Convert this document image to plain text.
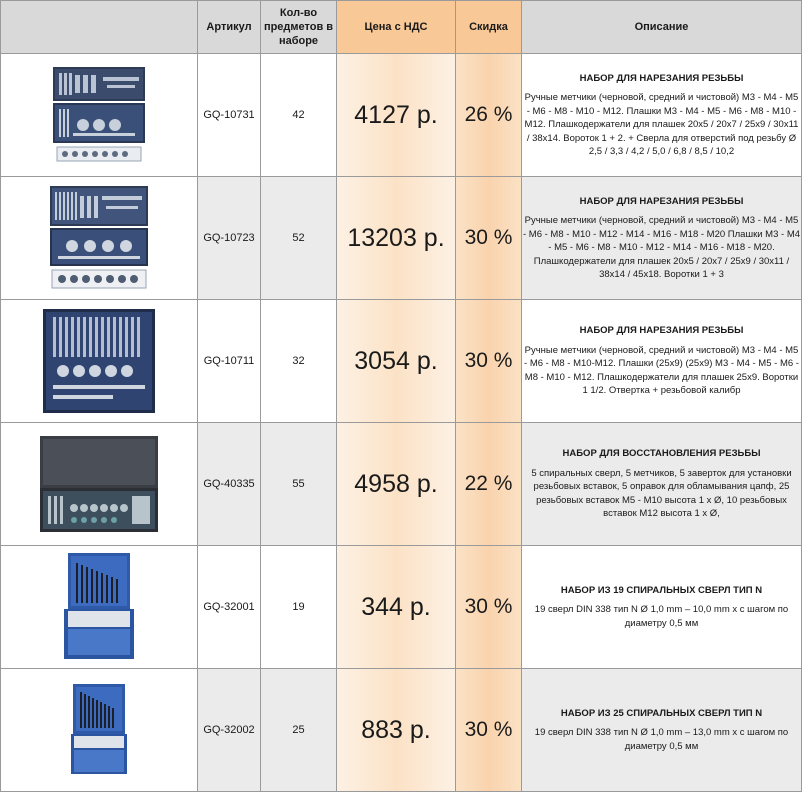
	Артикул	Кол-во предметов в наборе	Цена с НДС	Скидка	Описание

	GQ-10731	42	4127 р.	26 %	НАБОР ДЛЯ НАРЕЗАНИЯ РЕЗЬБЫ
Ручные метчики (черновой, средний и чистовой) М3 - М4 - М5 - М6 - М8 - М10 - М12. Плашки М3 - М4 - М5 - М6 - М8 - М10 - М12. Плашкодержатели для плашек 20х5 / 20х7 / 25х9 / 30х11 / 38х14. Вороток 1 + 2. + Сверла для отверстий под резьбу Ø 2,5 / 3,3 / 4,2 / 5,0 / 6,8 / 8,5 / 10,2

	GQ-10723	52	13203 р.	30 %	НАБОР ДЛЯ НАРЕЗАНИЯ РЕЗЬБЫ
Ручные метчики (черновой, средний и чистовой) М3 - М4 - М5 - М6 - М8 - М10 - М12 - М14 - М16 - М18 - М20 Плашки М3 - М4 - М5 - М6 - М8 - М10 - М12 - М14 - М16 - М18 - М20. Плашкодержатели для плашек 20х5 / 20х7 / 25х9 / 30х11 / 38х14 / 45х18. Воротки 1 + 3

	GQ-10711	32	3054 р.	30 %	НАБОР ДЛЯ НАРЕЗАНИЯ РЕЗЬБЫ
Ручные метчики (черновой, средний и чистовой) М3 - М4 - М5 - М6 - М8 - М10-М12. Плашки (25х9) (25х9) М3 - М4 - М5 - М6 - М8 - М10 - М12. Плашкодержатели для плашек 25х9. Воротки 1 1/2. Отвертка + резьбовой калибр

	GQ-40335	55	4958 р.	22 %	НАБОР ДЛЯ ВОССТАНОВЛЕНИЯ РЕЗЬБЫ
5 спиральных сверл, 5 метчиков, 5 заверток для установки резьбовых вставок, 5 оправок для обламывания цапф, 25 резьбовых вставок М5 - М10 высота 1 х Ø, 10 резьбовых вставок М12 высота 1 х Ø,

	GQ-32001	19	344 р.	30 %	НАБОР ИЗ 19 СПИРАЛЬНЫХ СВЕРЛ ТИП N
19 сверл DIN 338 тип N Ø 1,0 mm – 10,0 mm х с шагом по диаметру 0,5 мм

	GQ-32002	25	883 р.	30 %	НАБОР ИЗ 25 СПИРАЛЬНЫХ СВЕРЛ ТИП N
19 сверл DIN 338 тип N Ø 1,0 mm – 13,0 mm х с шагом по диаметру 0,5 мм
